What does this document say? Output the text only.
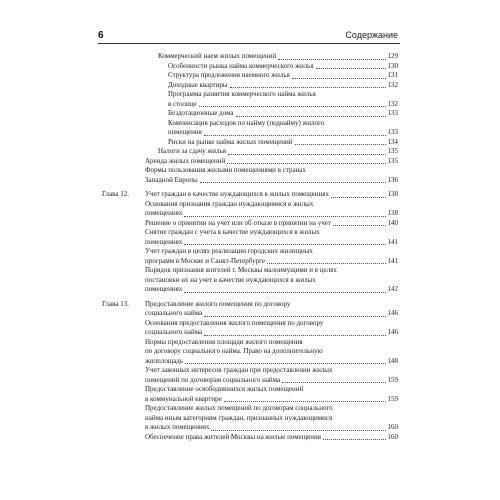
6	Содержание
Коммерческий наем жилых помещений	129
Особенности рынка найма коммерческого жилья	130
Структура предложения наемного жилья	131
Доходные квартиры	132
Программа развития коммерческого найма жилья
в столице	132
Бездотационные дома	133
Компенсация расходов по найму (поднайму) жилого
помещения	133
Риски на рынке найма жилых помещений	134
Налоги за сдачу жилья	135
Аренда жилых помещений	135
Формы пользования жилыми помещениями в странах
Западной Европы	136
Глава 12. Учет граждан в качестве нуждающихся в жилых помещениях	138
Основания признания граждан нуждающимися в жилых
помещениях	138
Решение о принятии на учет или об отказе в принятии на учет	140
Снятие граждан с учета в качестве нуждающихся в жилых
помещениях	141
Учет граждан в целях реализации городских жилищных
программ в Москве и Санкт-Петербурге	141
Порядок признания жителей г. Москвы малоимущими и в целях
постановки их на учет в качестве нуждающихся в жилых
помещениях	142
Глава 13. Предоставление жилого помещения по договору
социального найма	146
Основания предоставления жилого помещения по договору
социального найма	146
Нормы предоставления площади жилого помещения
по договору социального найма. Право на дополнительную
жилплощадь	148
Учет законных интересов граждан при предоставлении жилых
помещений по договорам социального найма	159
Предоставление освободившихся жилых помещений
в коммунальной квартире	159
Предоставление жилых помещений по договорам социального
найма иным категориям граждан, признанных нуждающимися
в жилых помещениях	160
Обеспечение права жителей Москвы на жилые помещения	160
